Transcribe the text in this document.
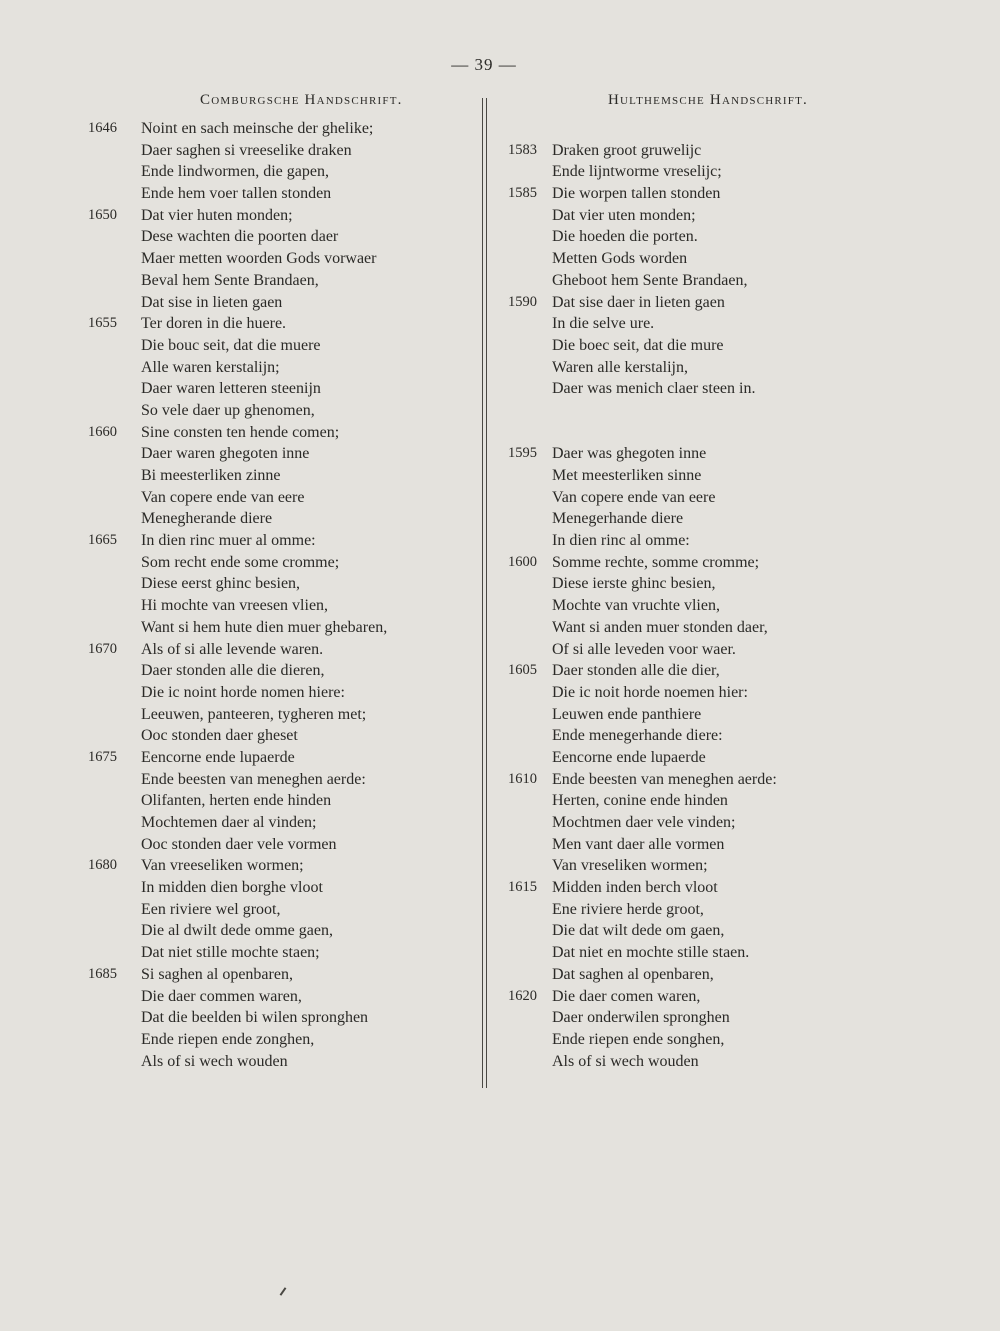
— 39 —
Comburgsche Handschrift.	Hulthemsche Handschrift.
1646 Noint en sach meinsche der ghelike;
Daer saghen si vreeselike draken
Ende lindwormen, die gapen,
Ende hem voer tallen stonden
1650 Dat vier huten monden;
Dese wachten die poorten daer
Maer metten woorden Gods vorwaer
Beval hem Sente Brandaen,
Dat sise in lieten gaen
1655 Ter doren in die huere.
Die bouc seit, dat die muere
Alle waren kerstalijn;
Daer waren letteren steenijn
So vele daer up ghenomen,
1660 Sine consten ten hende comen;
Daer waren ghegoten inne
Bi meesterliken zinne
Van copere ende van eere
Menegherande diere
1665 In dien rinc muer al omme:
Som recht ende some cromme;
Diese eerst ghinc besien,
Hi mochte van vreesen vlien,
Want si hem hute dien muer ghebaren,
1670 Als of si alle levende waren.
Daer stonden alle die dieren,
Die ic noint horde nomen hiere:
Leeuwen, panteeren, tygheren met;
Ooc stonden daer gheset
1675 Eencorne ende lupaerde
Ende beesten van meneghen aerde:
Olifanten, herten ende hinden
Mochtemen daer al vinden;
Ooc stonden daer vele vormen
1680 Van vreeseliken wormen;
In midden dien borghe vloot
Een riviere wel groot,
Die al dwilt dede omme gaen,
Dat niet stille mochte staen;
1685 Si saghen al openbaren,
Die daer commen waren,
Dat die beelden bi wilen spronghen
Ende riepen ende zonghen,
Als of si wech wouden
1583 Draken groot gruwelijc
Ende lijntworme vreselijc;
1585 Die worpen tallen stonden
Dat vier uten monden;
Die hoeden die porten.
Metten Gods worden
Gheboot hem Sente Brandaen,
1590 Dat sise daer in lieten gaen
In die selve ure.
Die boec seit, dat die mure
Waren alle kerstalijn,
Daer was menich claer steen in.
1595 Daer was ghegoten inne
Met meesterliken sinne
Van copere ende van eere
Menegerhande diere
In dien rinc al omme:
1600 Somme rechte, somme cromme;
Diese ierste ghinc besien,
Mochte van vruchte vlien,
Want si anden muer stonden daer,
Of si alle leveden voor waer.
1605 Daer stonden alle die dier,
Die ic noit horde noemen hier:
Leuwen ende panthiere
Ende menegerhande diere:
Eencorne ende lupaerde
1610 Ende beesten van meneghen aerde:
Herten, conine ende hinden
Mochtmen daer vele vinden;
Men vant daer alle vormen
Van vreseliken wormen;
1615 Midden inden berch vloot
Ene riviere herde groot,
Die dat wilt dede om gaen,
Dat niet en mochte stille staen.
Dat saghen al openbaren,
1620 Die daer comen waren,
Daer onderwilen spronghen
Ende riepen ende songhen,
Als of si wech wouden
